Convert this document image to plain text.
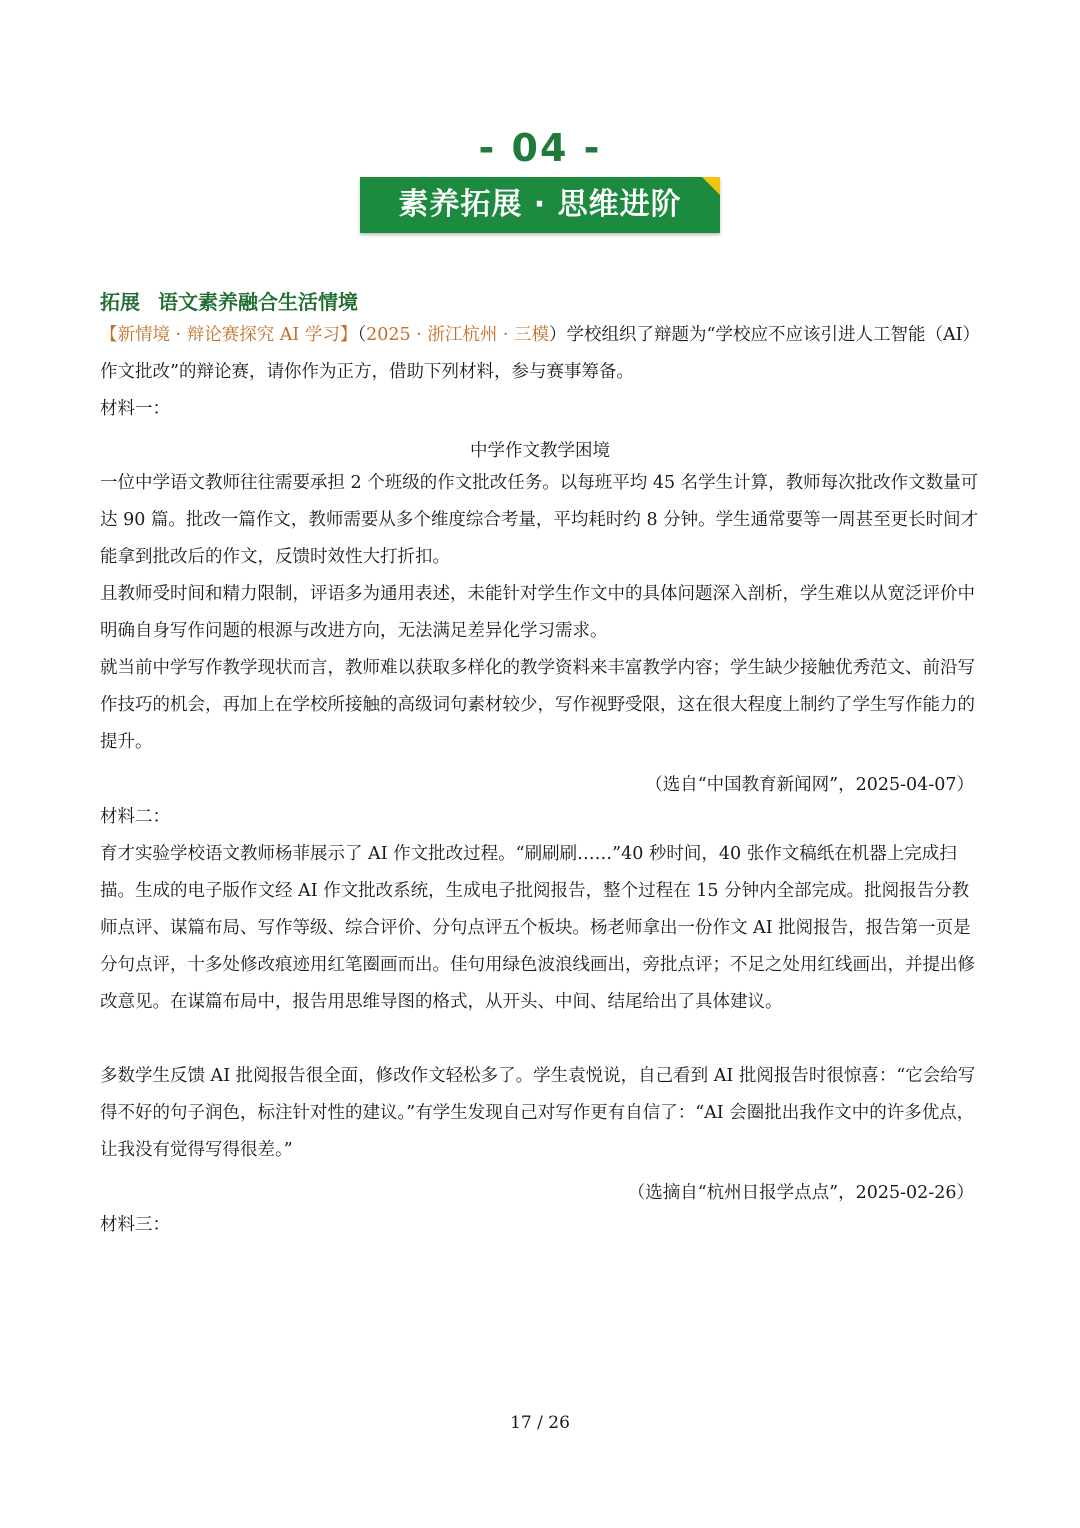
- 04 -
素养拓展 · 思维进阶
拓展 语文素养融合生活情境

【新情境 · 辩论赛探究 AI 学习】（2025 · 浙江杭州 · 三模）学校组织了辩题为“学校应不应该引进人工智能（AI）作文批改”的辩论赛，请你作为正方，借助下列材料，参与赛事筹备。

材料一：

中学作文教学困境

一位中学语文教师往往需要承担 2 个班级的作文批改任务。以每班平均 45 名学生计算，教师每次批改作文数量可达 90 篇。批改一篇作文，教师需要从多个维度综合考量，平均耗时约 8 分钟。学生通常要等一周甚至更长时间才能拿到批改后的作文，反馈时效性大打折扣。

且教师受时间和精力限制，评语多为通用表述，未能针对学生作文中的具体问题深入剖析，学生难以从宽泛评价中明确自身写作问题的根源与改进方向，无法满足差异化学习需求。

就当前中学写作教学现状而言，教师难以获取多样化的教学资料来丰富教学内容；学生缺少接触优秀范文、前沿写作技巧的机会，再加上在学校所接触的高级词句素材较少，写作视野受限，这在很大程度上制约了学生写作能力的提升。

（选自“中国教育新闻网”，2025-04-07）

材料二：

育才实验学校语文教师杨菲展示了 AI 作文批改过程。“刷刷刷……”40 秒时间，40 张作文稿纸在机器上完成扫描。生成的电子版作文经 AI 作文批改系统，生成电子批阅报告，整个过程在 15 分钟内全部完成。批阅报告分教师点评、谋篇布局、写作等级、综合评价、分句点评五个板块。杨老师拿出一份作文 AI 批阅报告，报告第一页是分句点评，十多处修改痕迹用红笔圈画而出。佳句用绿色波浪线画出，旁批点评；不足之处用红线画出，并提出修改意见。在谋篇布局中，报告用思维导图的格式，从开头、中间、结尾给出了具体建议。

多数学生反馈 AI 批阅报告很全面，修改作文轻松多了。学生袁悦说，自己看到 AI 批阅报告时很惊喜：“它会给写得不好的句子润色，标注针对性的建议。”有学生发现自己对写作更有自信了：“AI 会圈批出我作文中的许多优点，让我没有觉得写得很差。”

（选摘自“杭州日报学点点”，2025-02-26）

材料三：

17 / 26
